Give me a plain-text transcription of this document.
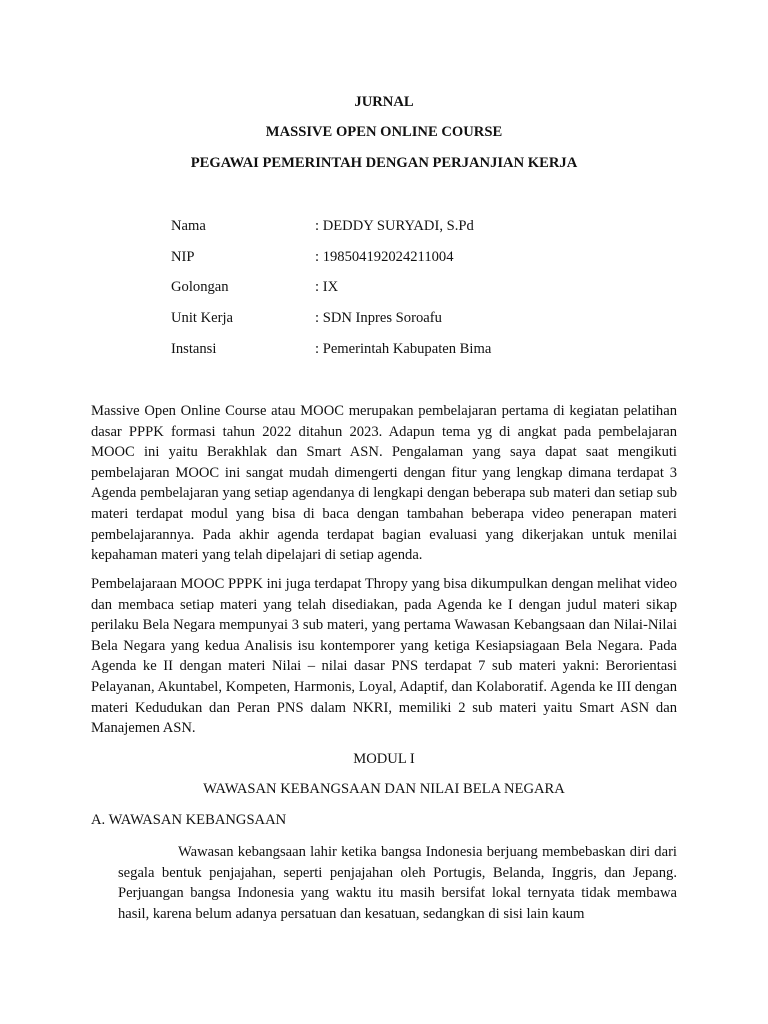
JURNAL
MASSIVE OPEN ONLINE COURSE
PEGAWAI PEMERINTAH DENGAN PERJANJIAN KERJA
Nama	: DEDDY SURYADI, S.Pd
NIP	: 198504192024211004
Golongan	: IX
Unit Kerja	: SDN Inpres Soroafu
Instansi	: Pemerintah Kabupaten Bima

Massive Open Online Course atau MOOC merupakan pembelajaran pertama di kegiatan pelatihan dasar PPPK formasi tahun 2022 ditahun 2023. Adapun tema yg di angkat pada pembelajaran MOOC ini yaitu Berakhlak dan Smart ASN. Pengalaman yang saya dapat saat mengikuti pembelajaran MOOC ini sangat mudah dimengerti dengan fitur yang lengkap dimana terdapat 3 Agenda pembelajaran yang setiap agendanya di lengkapi dengan beberapa sub materi dan setiap sub materi terdapat modul yang bisa di baca dengan tambahan beberapa video penerapan materi pembelajarannya. Pada akhir agenda terdapat bagian evaluasi yang dikerjakan untuk menilai kepahaman materi yang telah dipelajari di setiap agenda.

Pembelajaraan MOOC PPPK ini juga terdapat Thropy yang bisa dikumpulkan dengan melihat video dan membaca setiap materi yang telah disediakan, pada Agenda ke I dengan judul materi sikap perilaku Bela Negara mempunyai 3 sub materi, yang pertama Wawasan Kebangsaan dan Nilai-Nilai Bela Negara yang kedua Analisis isu kontemporer yang ketiga Kesiapsiagaan Bela Negara. Pada Agenda ke II dengan materi Nilai – nilai dasar PNS terdapat 7 sub materi yakni: Berorientasi Pelayanan, Akuntabel, Kompeten, Harmonis, Loyal, Adaptif, dan Kolaboratif. Agenda ke III dengan materi Kedudukan dan Peran PNS dalam NKRI, memiliki 2 sub materi yaitu Smart ASN dan Manajemen ASN.

MODUL I
WAWASAN KEBANGSAAN DAN NILAI BELA NEGARA
A. WAWASAN KEBANGSAAN

Wawasan kebangsaan lahir ketika bangsa Indonesia berjuang membebaskan diri dari segala bentuk penjajahan, seperti penjajahan oleh Portugis, Belanda, Inggris, dan Jepang. Perjuangan bangsa Indonesia yang waktu itu masih bersifat lokal ternyata tidak membawa hasil, karena belum adanya persatuan dan kesatuan, sedangkan di sisi lain kaum
